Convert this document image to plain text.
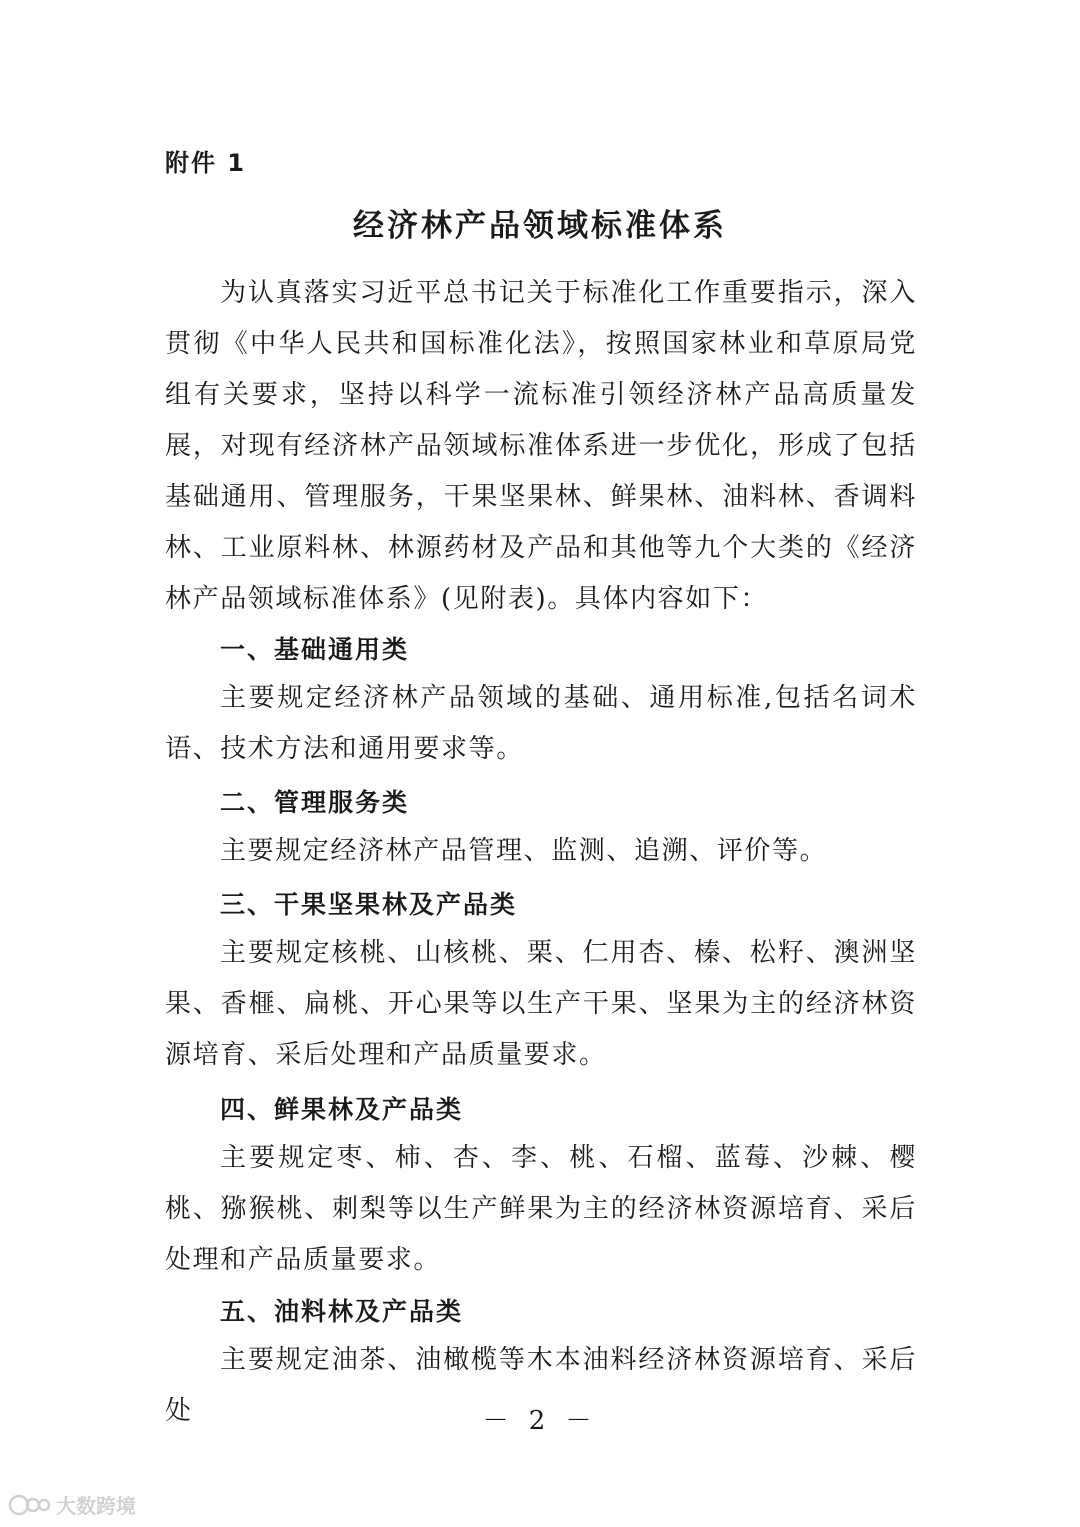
附件 1
经济林产品领域标准体系
为认真落实习近平总书记关于标准化工作重要指示，深入贯彻《中华人民共和国标准化法》，按照国家林业和草原局党组有关要求，坚持以科学一流标准引领经济林产品高质量发展，对现有经济林产品领域标准体系进一步优化，形成了包括基础通用、管理服务，干果坚果林、鲜果林、油料林、香调料林、工业原料林、林源药材及产品和其他等九个大类的《经济林产品领域标准体系》(见附表)。具体内容如下：
一、基础通用类
主要规定经济林产品领域的基础、通用标准,包括名词术语、技术方法和通用要求等。
二、管理服务类
主要规定经济林产品管理、监测、追溯、评价等。
三、干果坚果林及产品类
主要规定核桃、山核桃、栗、仁用杏、榛、松籽、澳洲坚果、香榧、扁桃、开心果等以生产干果、坚果为主的经济林资源培育、采后处理和产品质量要求。
四、鲜果林及产品类
主要规定枣、柿、杏、李、桃、石榴、蓝莓、沙棘、樱桃、猕猴桃、刺梨等以生产鲜果为主的经济林资源培育、采后处理和产品质量要求。
五、油料林及产品类
主要规定油茶、油橄榄等木本油料经济林资源培育、采后处	－ 2 －
大数跨境
